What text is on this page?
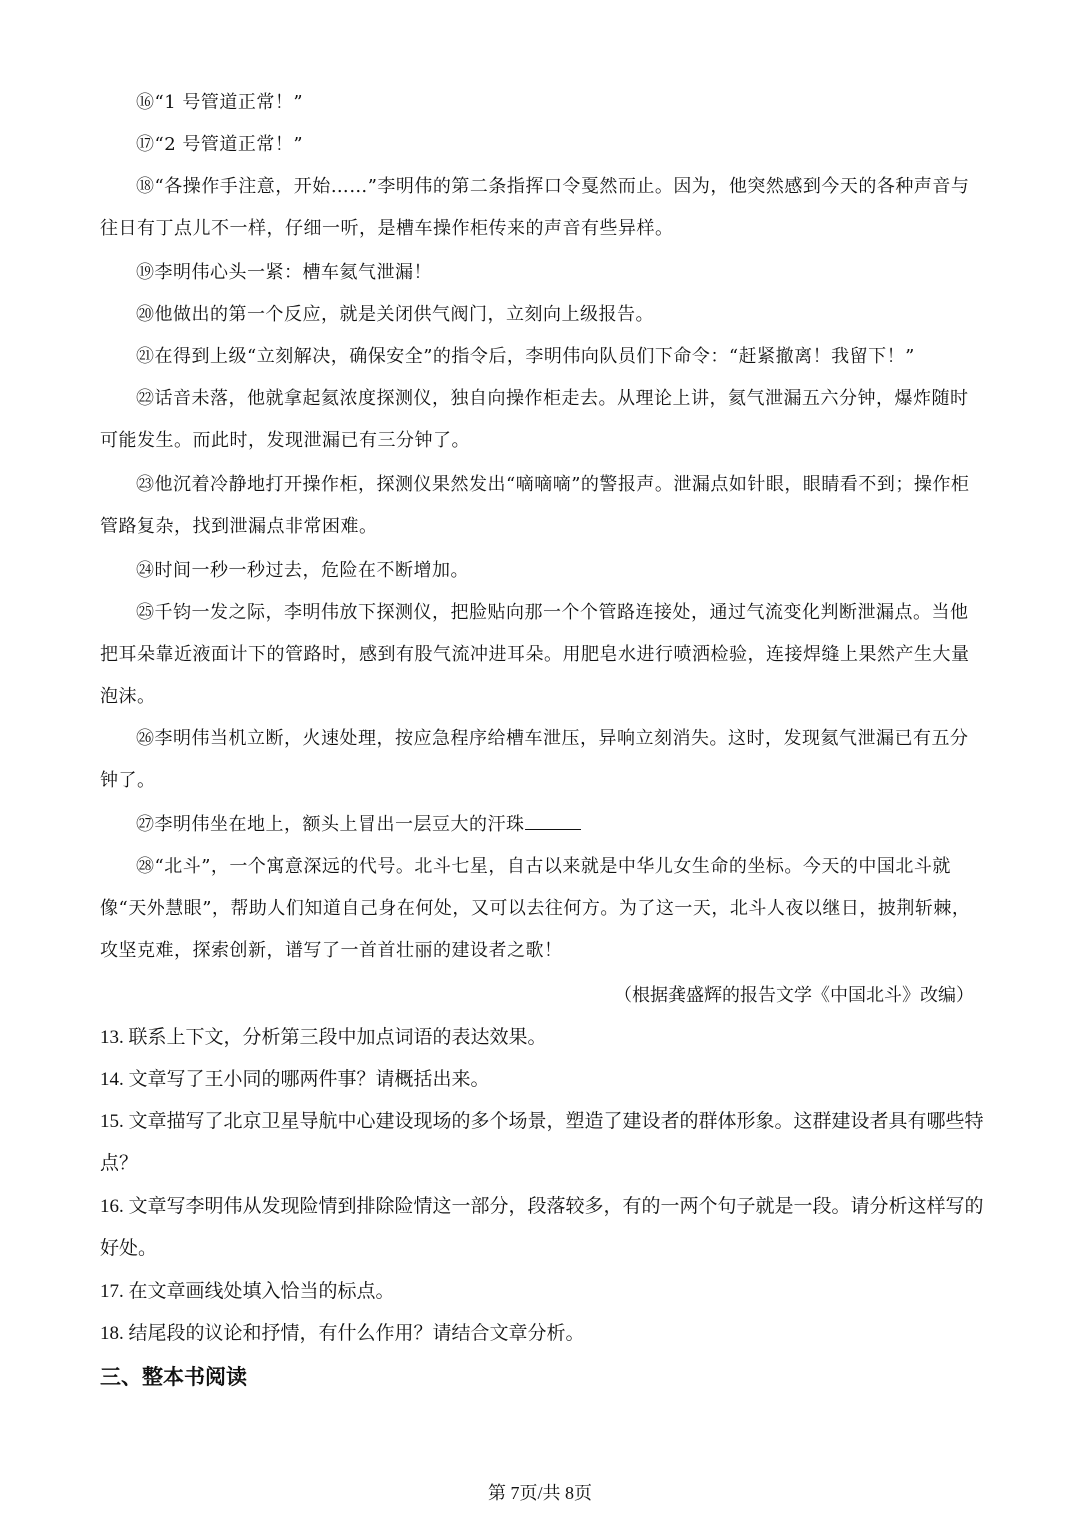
⑯“1 号管道正常！”

⑰“2 号管道正常！”

⑱“各操作手注意，开始……”李明伟的第二条指挥口令戛然而止。因为，他突然感到今天的各种声音与往日有丁点儿不一样，仔细一听，是槽车操作柜传来的声音有些异样。

⑲李明伟心头一紧：槽车氦气泄漏！

⑳他做出的第一个反应，就是关闭供气阀门，立刻向上级报告。

㉑在得到上级“立刻解决，确保安全”的指令后，李明伟向队员们下命令：“赶紧撤离！我留下！”

㉒话音未落，他就拿起氦浓度探测仪，独自向操作柜走去。从理论上讲，氦气泄漏五六分钟，爆炸随时可能发生。而此时，发现泄漏已有三分钟了。

㉓他沉着冷静地打开操作柜，探测仪果然发出“嘀嘀嘀”的警报声。泄漏点如针眼，眼睛看不到；操作柜管路复杂，找到泄漏点非常困难。

㉔时间一秒一秒过去，危险在不断增加。

㉕千钧一发之际，李明伟放下探测仪，把脸贴向那一个个管路连接处，通过气流变化判断泄漏点。当他把耳朵靠近液面计下的管路时，感到有股气流冲进耳朵。用肥皂水进行喷洒检验，连接焊缝上果然产生大量泡沫。

㉖李明伟当机立断，火速处理，按应急程序给槽车泄压，异响立刻消失。这时，发现氦气泄漏已有五分钟了。

㉗李明伟坐在地上，额头上冒出一层豆大的汗珠

㉘“北斗”，一个寓意深远的代号。北斗七星，自古以来就是中华儿女生命的坐标。今天的中国北斗就像“天外慧眼”，帮助人们知道自己身在何处，又可以去往何方。为了这一天，北斗人夜以继日，披荆斩棘，攻坚克难，探索创新，谱写了一首首壮丽的建设者之歌！

（根据龚盛辉的报告文学《中国北斗》改编）

13. 联系上下文，分析第三段中加点词语的表达效果。

14. 文章写了王小同的哪两件事？请概括出来。

15. 文章描写了北京卫星导航中心建设现场的多个场景，塑造了建设者的群体形象。这群建设者具有哪些特点？

16. 文章写李明伟从发现险情到排除险情这一部分，段落较多，有的一两个句子就是一段。请分析这样写的好处。

17. 在文章画线处填入恰当的标点。

18. 结尾段的议论和抒情，有什么作用？请结合文章分析。

三、整本书阅读
第 7页/共 8页
